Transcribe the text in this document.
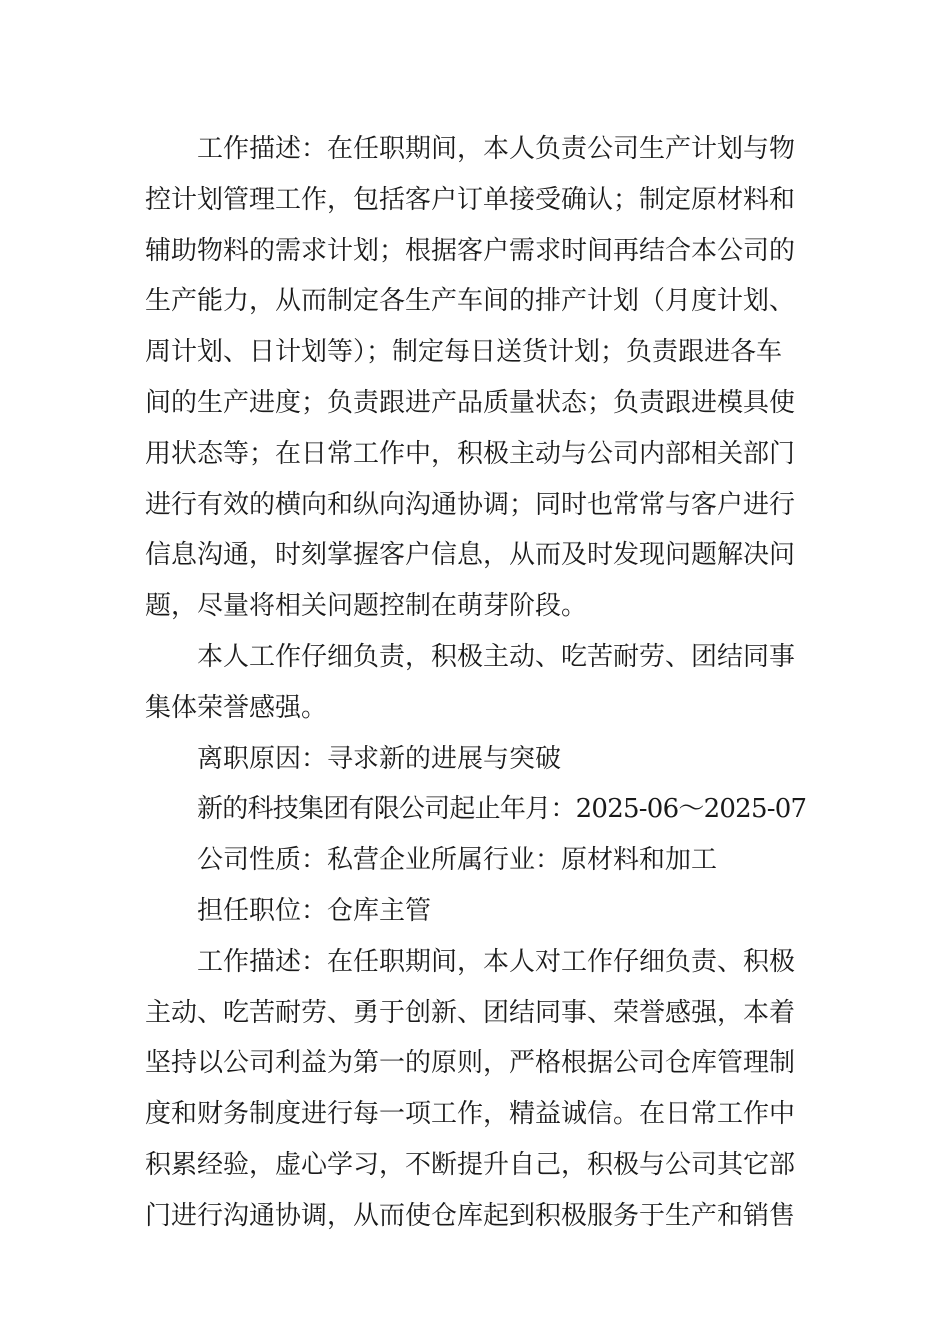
工作描述：在任职期间，本人负责公司生产计划与物

控计划管理工作，包括客户订单接受确认；制定原材料和

辅助物料的需求计划；根据客户需求时间再结合本公司的

生产能力，从而制定各生产车间的排产计划（月度计划、

周计划、日计划等）；制定每日送货计划；负责跟进各车

间的生产进度；负责跟进产品质量状态；负责跟进模具使

用状态等；在日常工作中，积极主动与公司内部相关部门

进行有效的横向和纵向沟通协调；同时也常常与客户进行

信息沟通，时刻掌握客户信息，从而及时发现问题解决问

题，尽量将相关问题控制在萌芽阶段。

本人工作仔细负责，积极主动、吃苦耐劳、团结同事

集体荣誉感强。

离职原因：寻求新的进展与突破

新的科技集团有限公司起止年月：2025-06～2025-07

公司性质：私营企业所属行业：原材料和加工

担任职位：仓库主管

工作描述：在任职期间，本人对工作仔细负责、积极

主动、吃苦耐劳、勇于创新、团结同事、荣誉感强，本着

坚持以公司利益为第一的原则，严格根据公司仓库管理制

度和财务制度进行每一项工作，精益诚信。在日常工作中

积累经验，虚心学习，不断提升自己，积极与公司其它部

门进行沟通协调，从而使仓库起到积极服务于生产和销售
